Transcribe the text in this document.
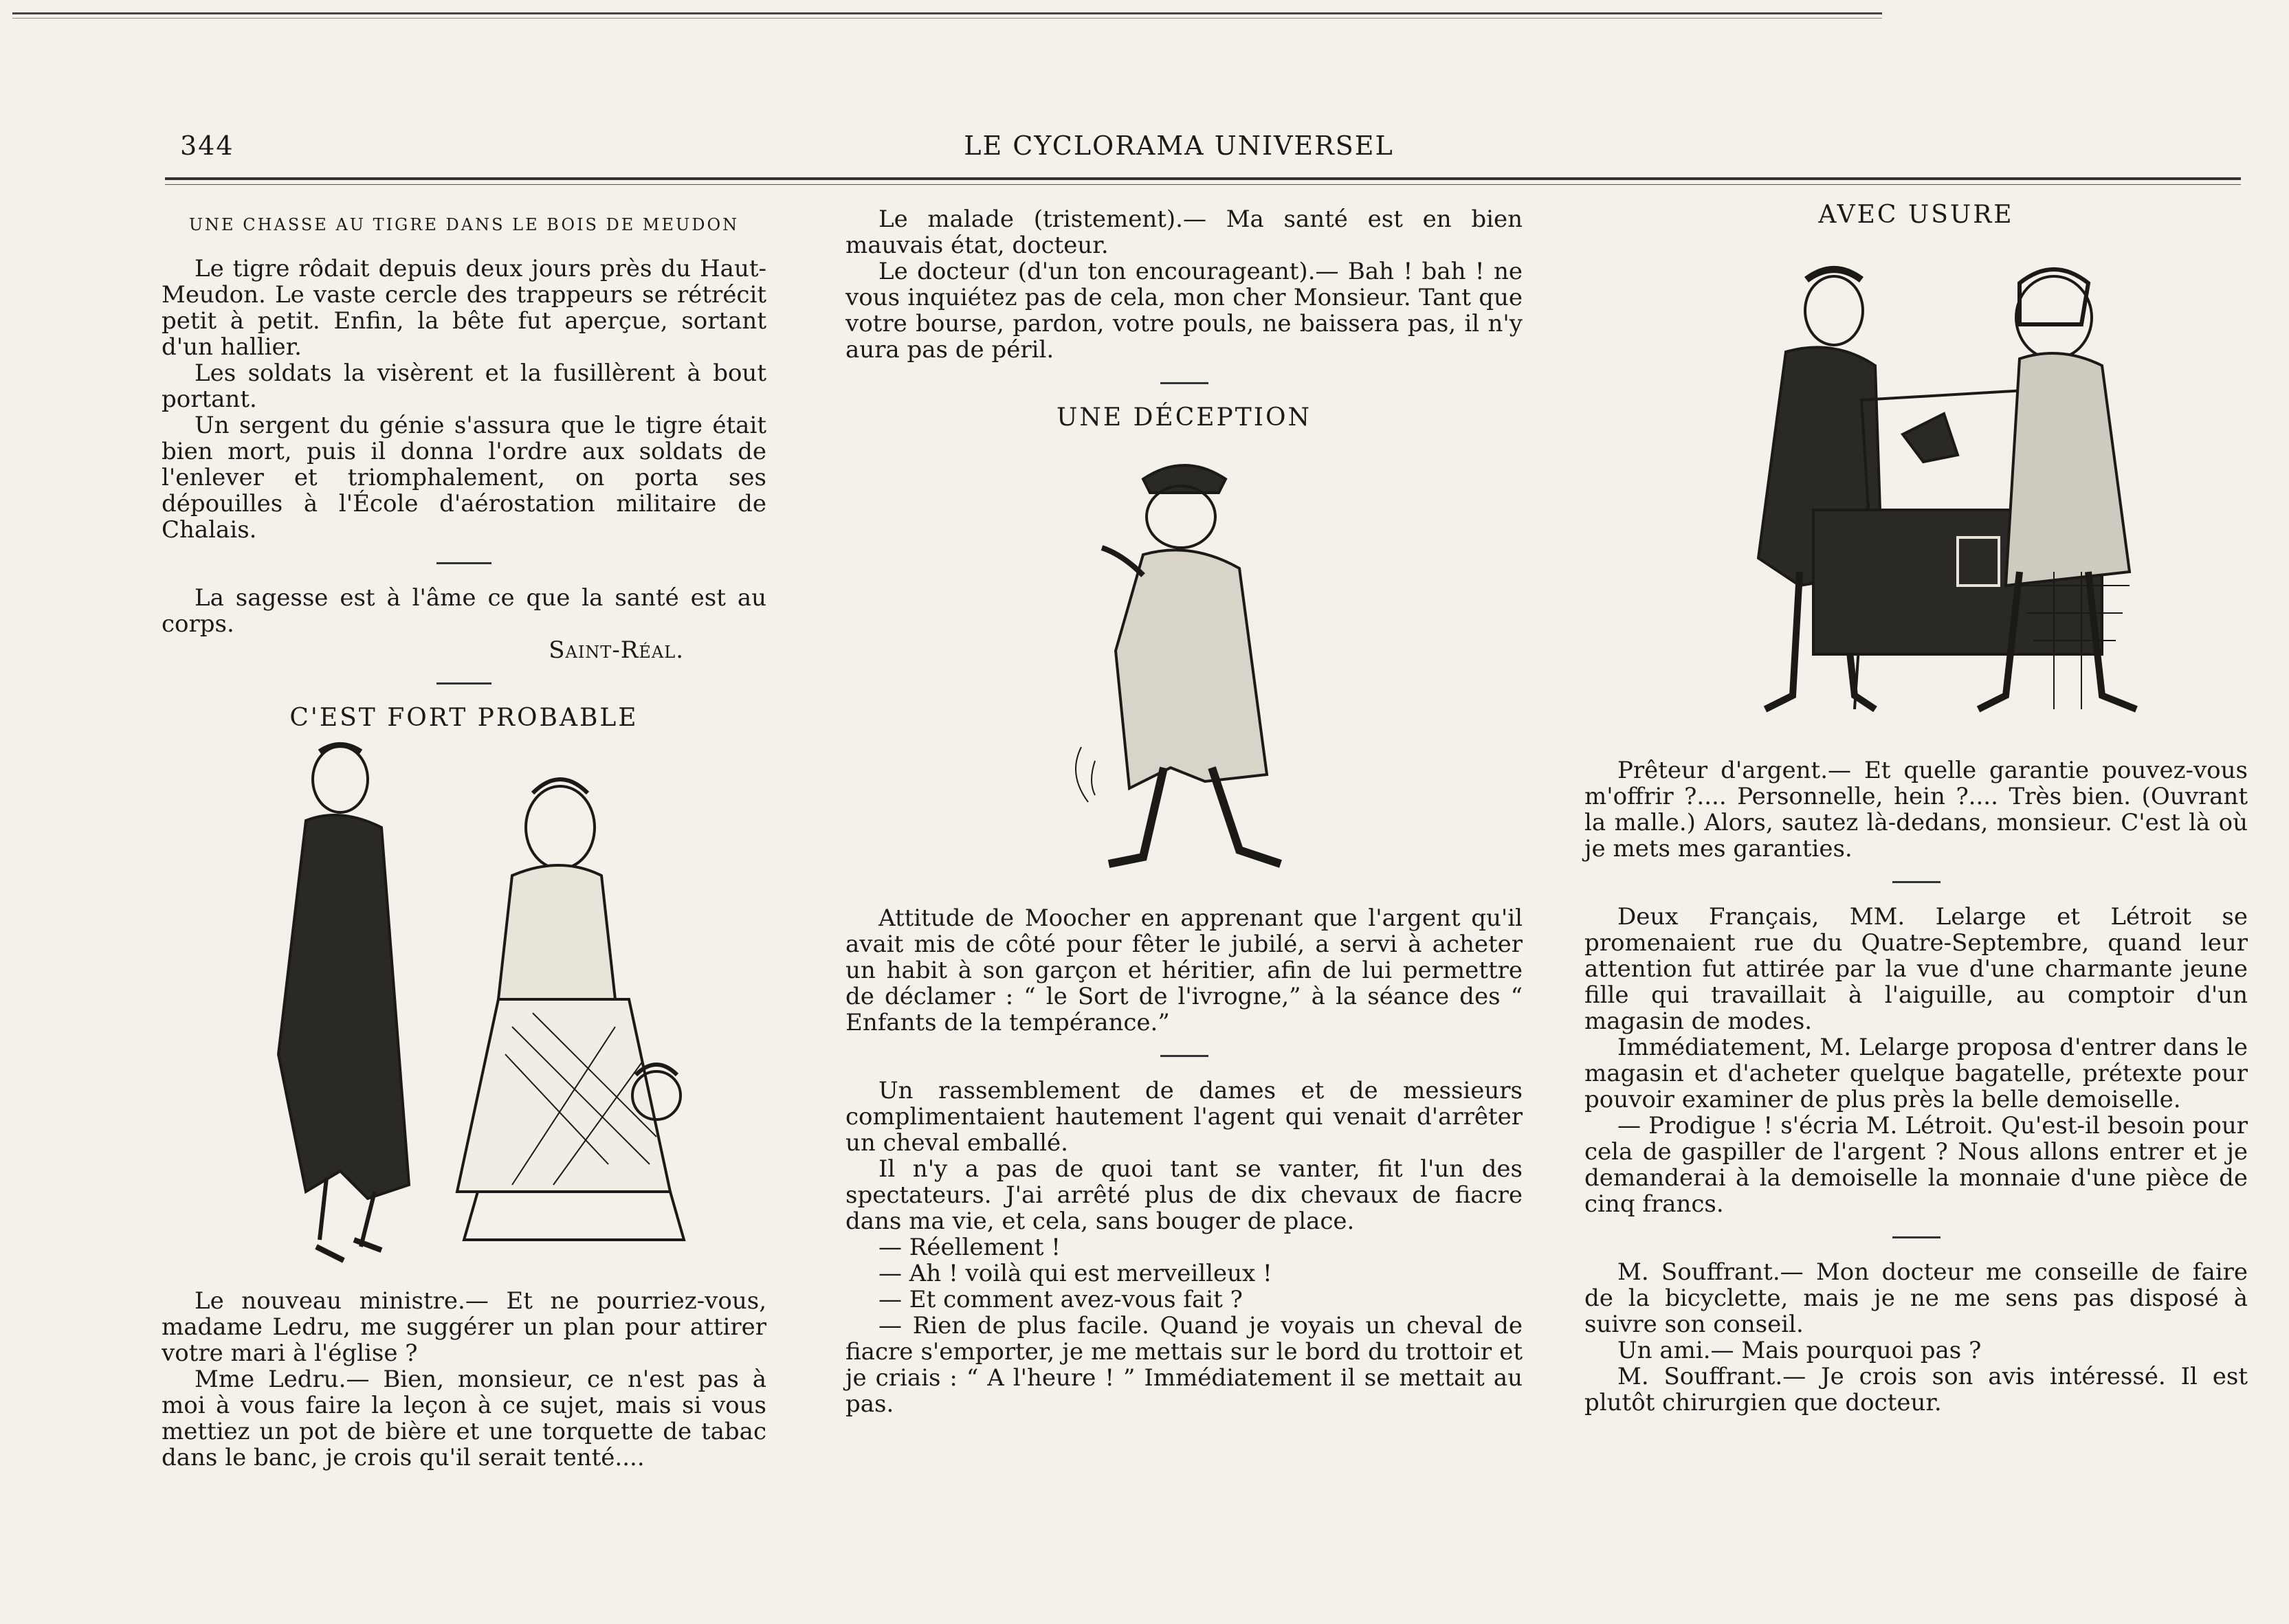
344	LE CYCLORAMA UNIVERSEL
UNE CHASSE AU TIGRE DANS LE BOIS DE MEUDON

Le tigre rôdait depuis deux jours près du Haut-Meudon. Le vaste cercle des trappeurs se rétrécit petit à petit. Enfin, la bête fut aperçue, sortant d'un hallier.

Les soldats la visèrent et la fusillèrent à bout portant.

Un sergent du génie s'assura que le tigre était bien mort, puis il donna l'ordre aux soldats de l'enlever et triomphalement, on porta ses dépouilles à l'École d'aérostation militaire de Chalais.

La sagesse est à l'âme ce que la santé est au corps.

Saint-Réal.
C'EST FORT PROBABLE

Le nouveau ministre.— Et ne pourriez-vous, madame Ledru, me suggérer un plan pour attirer votre mari à l'église ?

Mme Ledru.— Bien, monsieur, ce n'est pas à moi à vous faire la leçon à ce sujet, mais si vous mettiez un pot de bière et une torquette de tabac dans le banc, je crois qu'il serait tenté....

Le malade (tristement).— Ma santé est en bien mauvais état, docteur.

Le docteur (d'un ton encourageant).— Bah ! bah ! ne vous inquiétez pas de cela, mon cher Monsieur. Tant que votre bourse, pardon, votre pouls, ne baissera pas, il n'y aura pas de péril.

UNE DÉCEPTION

Attitude de Moocher en apprenant que l'argent qu'il avait mis de côté pour fêter le jubilé, a servi à acheter un habit à son garçon et héritier, afin de lui permettre de déclamer : “ le Sort de l'ivrogne,” à la séance des “ Enfants de la tempérance.”

Un rassemblement de dames et de messieurs complimentaient hautement l'agent qui venait d'arrêter un cheval emballé.

Il n'y a pas de quoi tant se vanter, fit l'un des spectateurs. J'ai arrêté plus de dix chevaux de fiacre dans ma vie, et cela, sans bouger de place.

— Réellement !

— Ah ! voilà qui est merveilleux !

— Et comment avez-vous fait ?

— Rien de plus facile. Quand je voyais un cheval de fiacre s'emporter, je me mettais sur le bord du trottoir et je criais : “ A l'heure ! ” Immédiatement il se mettait au pas.

AVEC USURE

Prêteur d'argent.— Et quelle garantie pouvez-vous m'offrir ?.... Personnelle, hein ?.... Très bien. (Ouvrant la malle.) Alors, sautez là-dedans, monsieur. C'est là où je mets mes garanties.

Deux Français, MM. Lelarge et Létroit se promenaient rue du Quatre-Septembre, quand leur attention fut attirée par la vue d'une charmante jeune fille qui travaillait à l'aiguille, au comptoir d'un magasin de modes.

Immédiatement, M. Lelarge proposa d'entrer dans le magasin et d'acheter quelque bagatelle, prétexte pour pouvoir examiner de plus près la belle demoiselle.

— Prodigue ! s'écria M. Létroit. Qu'est-il besoin pour cela de gaspiller de l'argent ? Nous allons entrer et je demanderai à la demoiselle la monnaie d'une pièce de cinq francs.

M. Souffrant.— Mon docteur me conseille de faire de la bicyclette, mais je ne me sens pas disposé à suivre son conseil.

Un ami.— Mais pourquoi pas ?

M. Souffrant.— Je crois son avis intéressé. Il est plutôt chirurgien que docteur.
